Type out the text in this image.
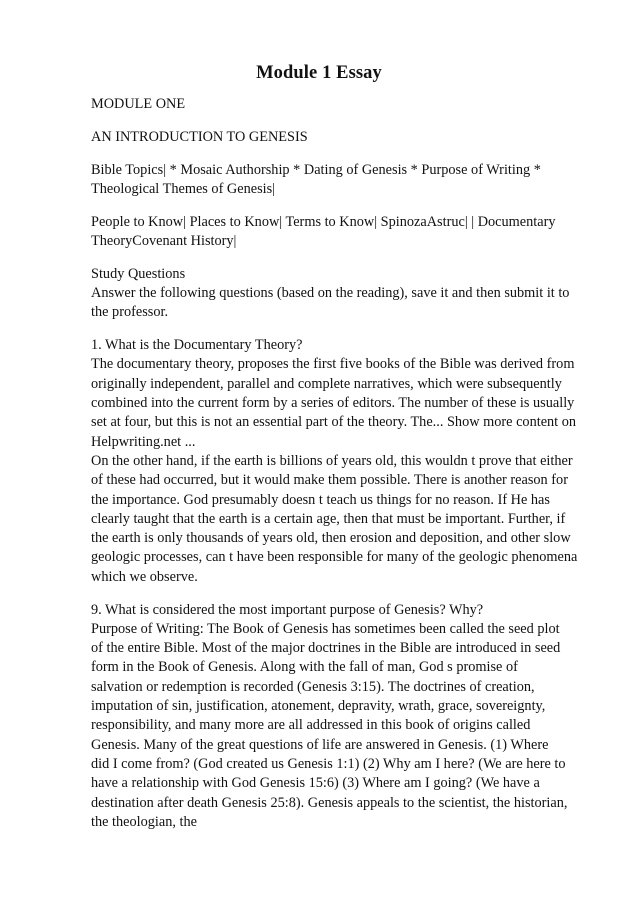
Module 1 Essay
MODULE ONE
AN INTRODUCTION TO GENESIS
Bible Topics| * Mosaic Authorship * Dating of Genesis * Purpose of Writing *
Theological Themes of Genesis|
People to Know| Places to Know| Terms to Know| SpinozaAstruc| | Documentary
TheoryCovenant History|
Study Questions
Answer the following questions (based on the reading), save it and then submit it to
the professor.
1. What is the Documentary Theory?
The documentary theory, proposes the first five books of the Bible was derived from
originally independent, parallel and complete narratives, which were subsequently
combined into the current form by a series of editors. The number of these is usually
set at four, but this is not an essential part of the theory. The... Show more content on
Helpwriting.net ...
On the other hand, if the earth is billions of years old, this wouldn t prove that either
of these had occurred, but it would make them possible. There is another reason for
the importance. God presumably doesn t teach us things for no reason. If He has
clearly taught that the earth is a certain age, then that must be important. Further, if
the earth is only thousands of years old, then erosion and deposition, and other slow
geologic processes, can t have been responsible for many of the geologic phenomena
which we observe.
9. What is considered the most important purpose of Genesis? Why?
Purpose of Writing: The Book of Genesis has sometimes been called the seed plot
of the entire Bible. Most of the major doctrines in the Bible are introduced in seed
form in the Book of Genesis. Along with the fall of man, God s promise of
salvation or redemption is recorded (Genesis 3:15). The doctrines of creation,
imputation of sin, justification, atonement, depravity, wrath, grace, sovereignty,
responsibility, and many more are all addressed in this book of origins called
Genesis. Many of the great questions of life are answered in Genesis. (1) Where
did I come from? (God created us Genesis 1:1) (2) Why am I here? (We are here to
have a relationship with God Genesis 15:6) (3) Where am I going? (We have a
destination after death Genesis 25:8). Genesis appeals to the scientist, the historian,
the theologian, the
